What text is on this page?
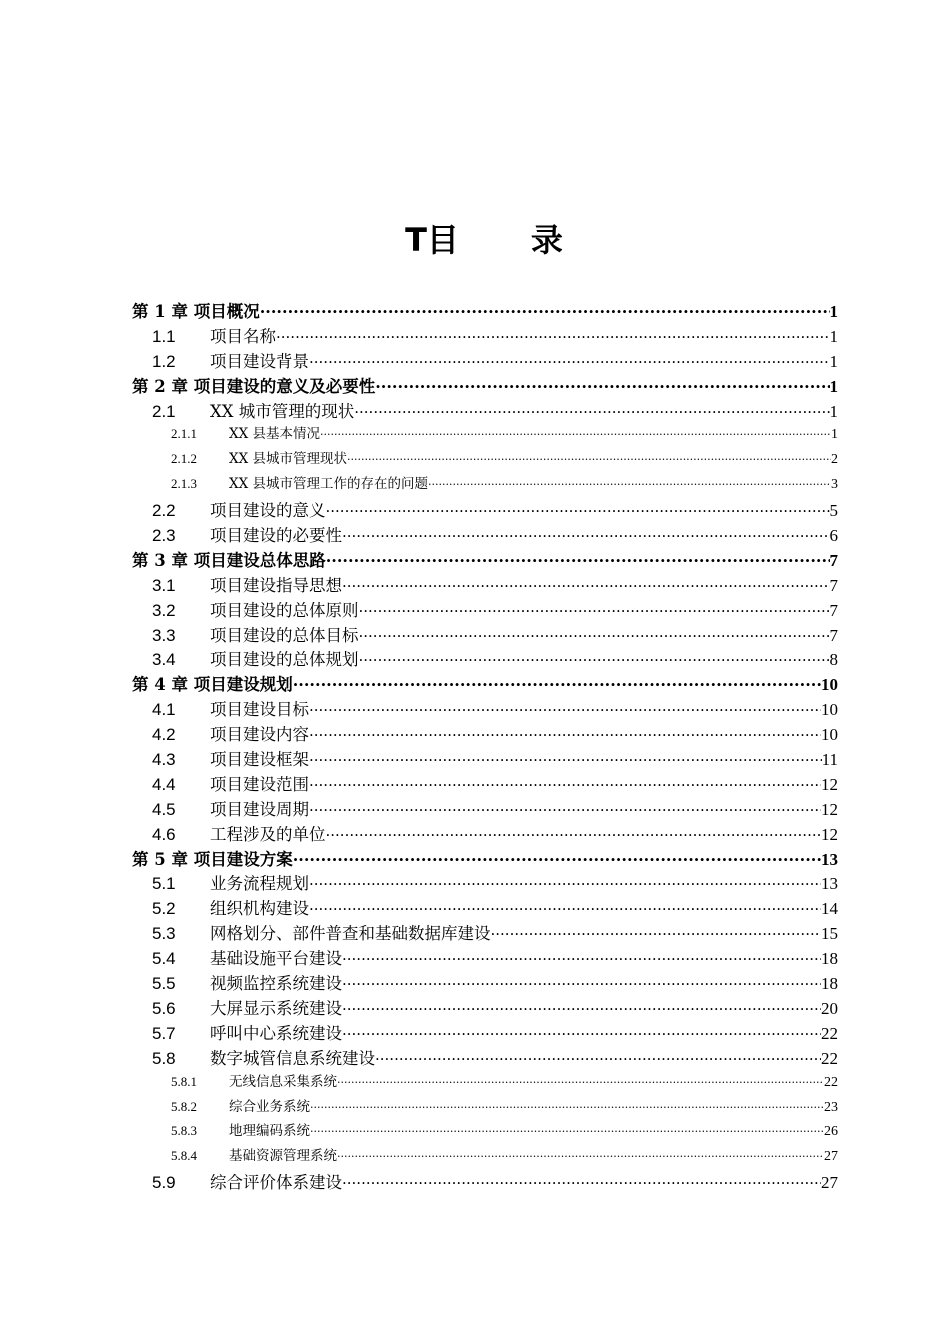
T目 录
第 1 章 项目概况 .....	1
1.1	项目名称 .....	1
1.2	项目建设背景 .....	1
第 2 章 项目建设的意义及必要性 .....	1
2.1	XX 城市管理的现状 .....	1
2.1.1	XX 县基本情况 .....	1
2.1.2	XX 县城市管理现状 .....	2
2.1.3	XX 县城市管理工作的存在的问题 .....	3
2.2	项目建设的意义 .....	5
2.3	项目建设的必要性 .....	6
第 3 章 项目建设总体思路 .....	7
3.1	项目建设指导思想 .....	7
3.2	项目建设的总体原则 .....	7
3.3	项目建设的总体目标 .....	7
3.4	项目建设的总体规划 .....	8
第 4 章 项目建设规划 .....	10
4.1	项目建设目标 .....	10
4.2	项目建设内容 .....	10
4.3	项目建设框架 .....	11
4.4	项目建设范围 .....	12
4.5	项目建设周期 .....	12
4.6	工程涉及的单位 .....	12
第 5 章 项目建设方案 .....	13
5.1	业务流程规划 .....	13
5.2	组织机构建设 .....	14
5.3	网格划分、部件普查和基础数据库建设 .....	15
5.4	基础设施平台建设 .....	18
5.5	视频监控系统建设 .....	18
5.6	大屏显示系统建设 .....	20
5.7	呼叫中心系统建设 .....	22
5.8	数字城管信息系统建设 .....	22
5.8.1	无线信息采集系统 .....	22
5.8.2	综合业务系统 .....	23
5.8.3	地理编码系统 .....	26
5.8.4	基础资源管理系统 .....	27
5.9	综合评价体系建设 .....	27
